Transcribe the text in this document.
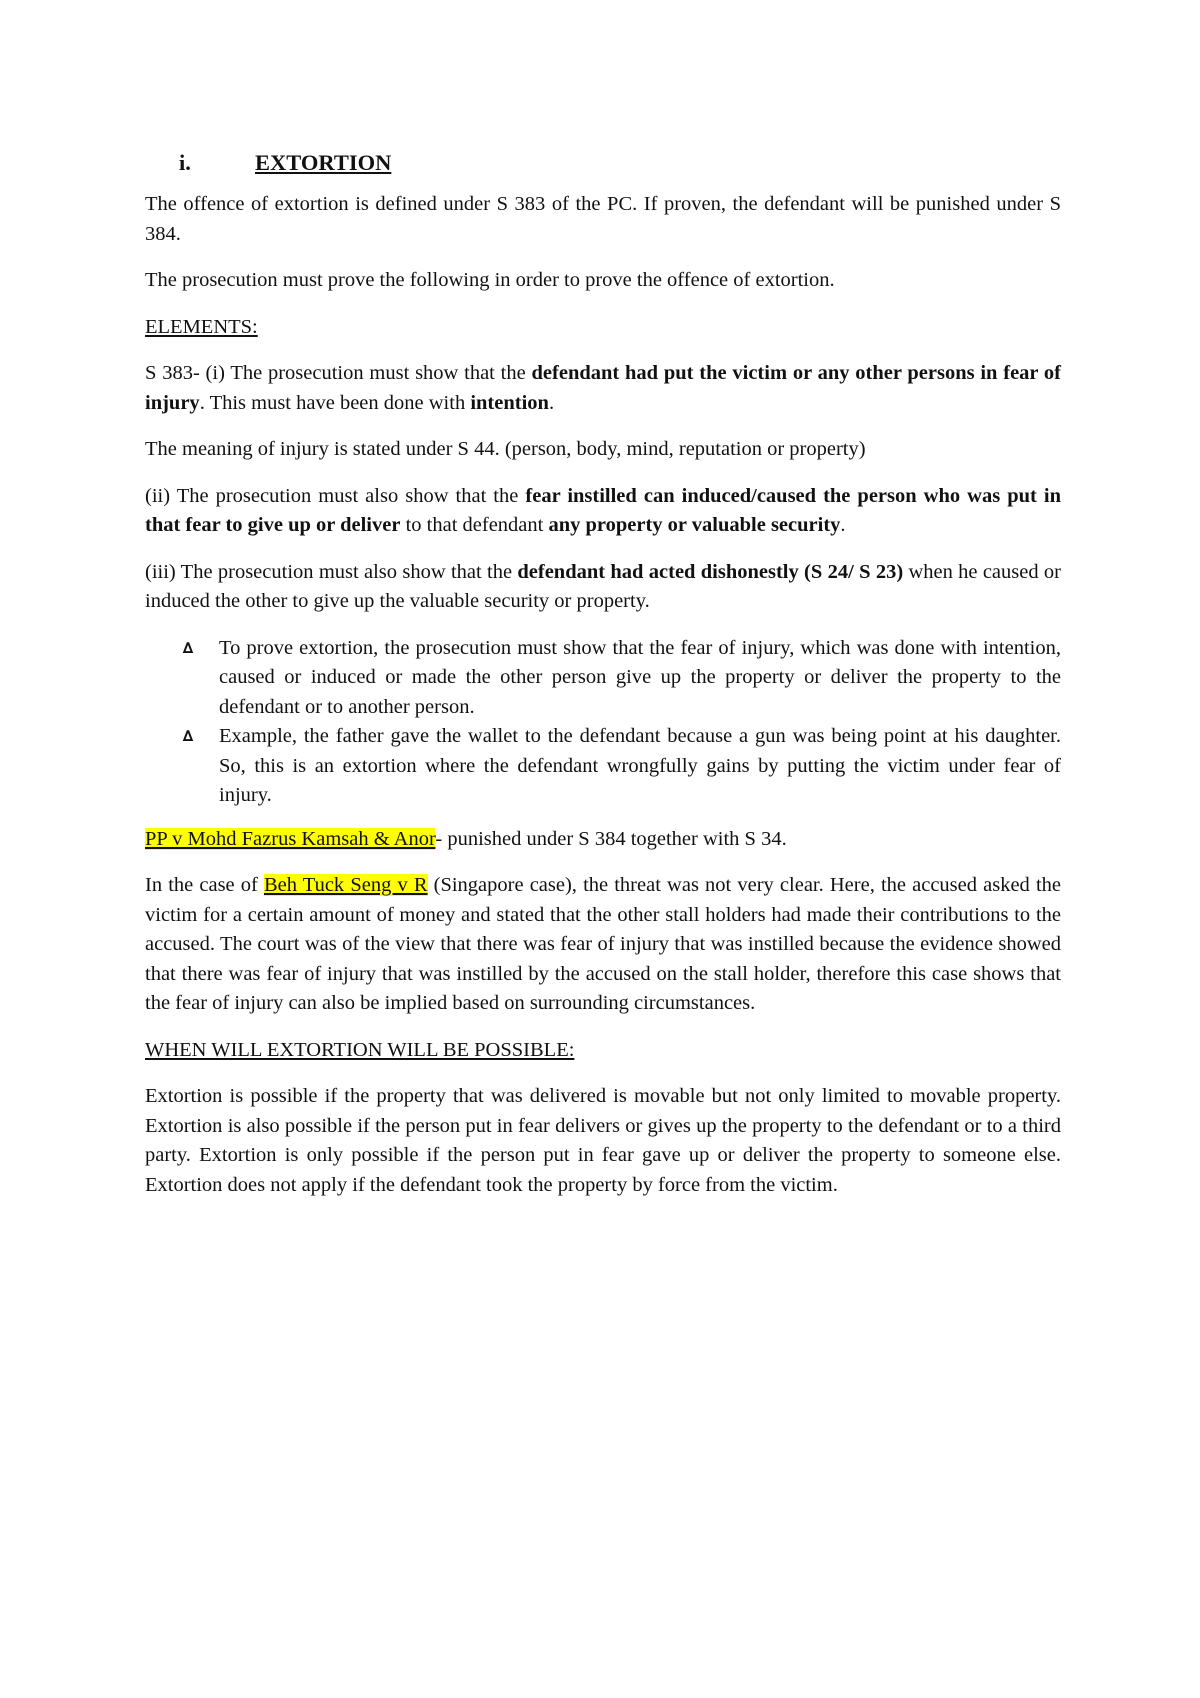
i.	EXTORTION

The offence of extortion is defined under S 383 of the PC. If proven, the defendant will be punished under S 384.

The prosecution must prove the following in order to prove the offence of extortion.

ELEMENTS:

S 383- (i) The prosecution must show that the defendant had put the victim or any other persons in fear of injury. This must have been done with intention.

The meaning of injury is stated under S 44. (person, body, mind, reputation or property)

(ii) The prosecution must also show that the fear instilled can induced/caused the person who was put in that fear to give up or deliver to that defendant any property or valuable security.

(iii) The prosecution must also show that the defendant had acted dishonestly (S 24/ S 23) when he caused or induced the other to give up the valuable security or property.

∆ To prove extortion, the prosecution must show that the fear of injury, which was done with intention, caused or induced or made the other person give up the property or deliver the property to the defendant or to another person.
∆ Example, the father gave the wallet to the defendant because a gun was being point at his daughter. So, this is an extortion where the defendant wrongfully gains by putting the victim under fear of injury.

PP v Mohd Fazrus Kamsah & Anor- punished under S 384 together with S 34.

In the case of Beh Tuck Seng v R (Singapore case), the threat was not very clear. Here, the accused asked the victim for a certain amount of money and stated that the other stall holders had made their contributions to the accused. The court was of the view that there was fear of injury that was instilled because the evidence showed that there was fear of injury that was instilled by the accused on the stall holder, therefore this case shows that the fear of injury can also be implied based on surrounding circumstances.

WHEN WILL EXTORTION WILL BE POSSIBLE:

Extortion is possible if the property that was delivered is movable but not only limited to movable property. Extortion is also possible if the person put in fear delivers or gives up the property to the defendant or to a third party. Extortion is only possible if the person put in fear gave up or deliver the property to someone else. Extortion does not apply if the defendant took the property by force from the victim.
